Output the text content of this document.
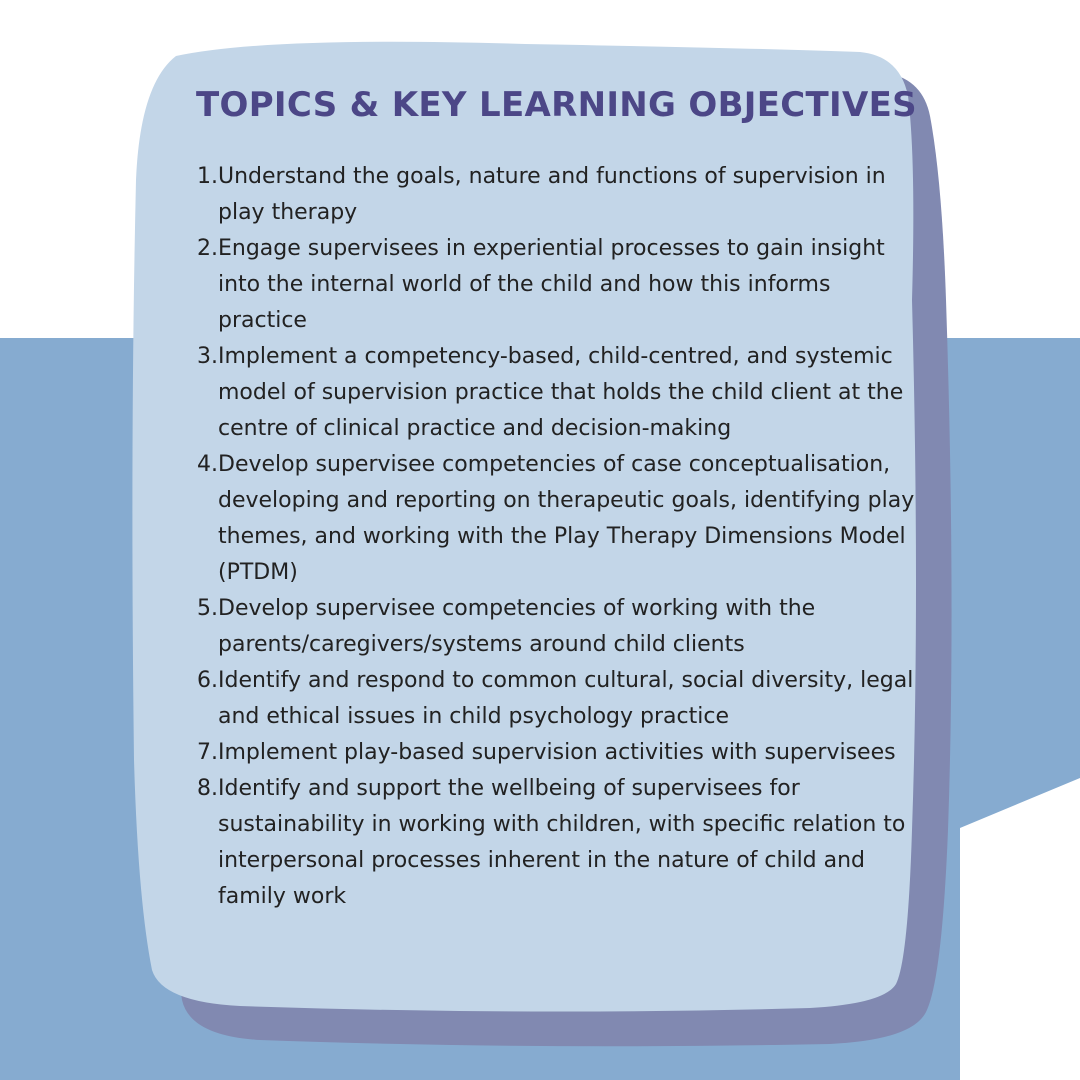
TOPICS & KEY LEARNING OBJECTIVES
1. Understand the goals, nature and functions of supervision in play therapy
2. Engage supervisees in experiential processes to gain insight into the internal world of the child and how this informs practice
3. Implement a competency-based, child-centred, and systemic model of supervision practice that holds the child client at the centre of clinical practice and decision-making
4. Develop supervisee competencies of case conceptualisation, developing and reporting on therapeutic goals, identifying play themes, and working with the Play Therapy Dimensions Model (PTDM)
5. Develop supervisee competencies of working with the parents/caregivers/systems around child clients
6. Identify and respond to common cultural, social diversity, legal and ethical issues in child psychology practice
7. Implement play-based supervision activities with supervisees
8. Identify and support the wellbeing of supervisees for sustainability in working with children, with specific relation to interpersonal processes inherent in the nature of child and family work
